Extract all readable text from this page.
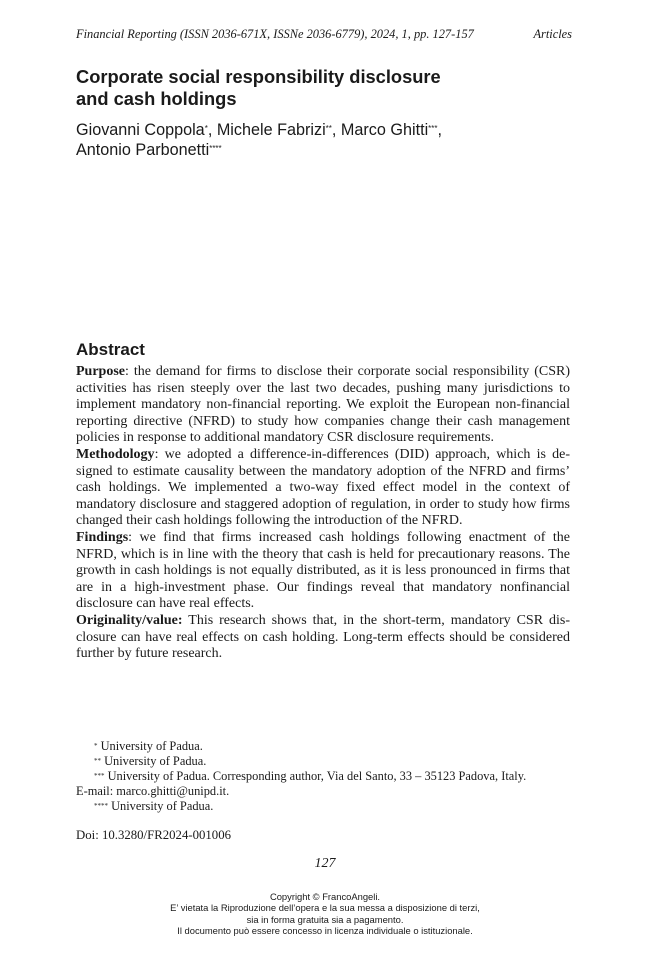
Financial Reporting (ISSN 2036-671X, ISSNe 2036-6779), 2024, 1, pp. 127-157	Articles
Corporate social responsibility disclosure
and cash holdings
Giovanni Coppola*, Michele Fabrizi**, Marco Ghitti***,
Antonio Parbonetti****
Abstract

Purpose: the demand for firms to disclose their corporate social responsibility (CSR) activities has risen steeply over the last two decades, pushing many jurisdictions to implement mandatory non-financial reporting. We exploit the European non-financial reporting directive (NFRD) to study how companies change their cash management policies in response to additional mandatory CSR disclosure requirements.

Methodology: we adopted a difference-in-differences (DID) approach, which is designed to estimate causality between the mandatory adoption of the NFRD and firms’ cash holdings. We implemented a two-way fixed effect model in the context of mandatory disclosure and staggered adoption of regulation, in order to study how firms changed their cash holdings following the introduction of the NFRD.

Findings: we find that firms increased cash holdings following enactment of the NFRD, which is in line with the theory that cash is held for precautionary reasons. The growth in cash holdings is not equally distributed, as it is less pronounced in firms that are in a high-investment phase. Our findings reveal that mandatory nonfinancial disclosure can have real effects.

Originality/value: This research shows that, in the short-term, mandatory CSR disclosure can have real effects on cash holding. Long-term effects should be considered further by future research.

* University of Padua.

** University of Padua.

*** University of Padua. Corresponding author, Via del Santo, 33 – 35123 Padova, Italy.

E-mail: marco.ghitti@unipd.it.

**** University of Padua.

Doi: 10.3280/FR2024-001006
127

Copyright © FrancoAngeli.

E’ vietata la Riproduzione dell’opera e la sua messa a disposizione di terzi,

sia in forma gratuita sia a pagamento.

Il documento può essere concesso in licenza individuale o istituzionale.
